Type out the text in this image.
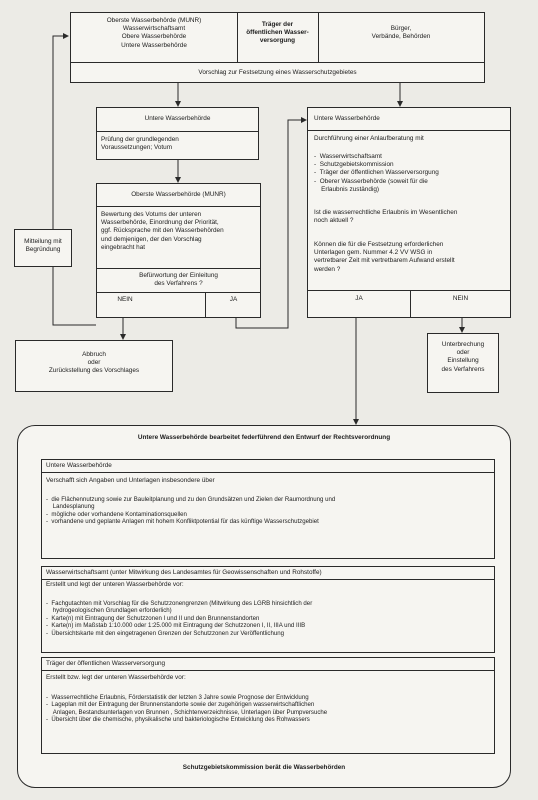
Oberste Wasserbehörde (MUNR)
Wasserwirtschaftsamt
Obere Wasserbehörde
Untere Wasserbehörde
Träger der
öffentlichen Wasser-
versorgung
Bürger,
Verbände, Behörden
Vorschlag zur Festsetzung eines Wasserschutzgebietes
Untere Wasserbehörde
Prüfung der grundlegenden
Voraussetzungen; Votum
Oberste Wasserbehörde (MUNR)
Bewertung des Votums der unteren
Wasserbehörde, Einordnung der Priorität,
ggf. Rücksprache mit den Wasserbehörden
und demjenigen, der den Vorschlag
eingebracht hat
Befürwortung der Einleitung
des Verfahrens ?
NEIN	JA
Mitteilung mit
Begründung
Abbruch
oder
Zurückstellung des Vorschlages
Untere Wasserbehörde
Durchführung einer Anlaufberatung mit
-  Wasserwirtschaftsamt
-  Schutzgebietskommission
-  Träger der öffentlichen Wasserversorgung
-  Oberer Wasserbehörde (soweit für die
Erlaubnis zuständig)
Ist die wasserrechtliche Erlaubnis im Wesentlichen
noch aktuell ?
Können die für die Festsetzung erforderlichen
Unterlagen gem. Nummer 4.2 VV WSG in
vertretbarer Zeit mit vertretbarem Aufwand erstellt
werden ?
JA	NEIN
Unterbrechung
oder
Einstellung
des Verfahrens
Untere Wasserbehörde bearbeitet federführend den Entwurf der Rechtsverordnung
Untere Wasserbehörde
Verschafft sich Angaben und Unterlagen insbesondere über
-  die Flächennutzung sowie zur Bauleitplanung und zu den Grundsätzen und Zielen der Raumordnung und
Landesplanung
-  mögliche oder vorhandene Kontaminationsquellen
-  vorhandene und geplante Anlagen mit hohem Konfliktpotential für das künftige Wasserschutzgebiet
Wasserwirtschaftsamt (unter Mitwirkung des Landesamtes für Geowissenschaften und Rohstoffe)
Erstellt und legt der unteren Wasserbehörde vor:
-  Fachgutachten mit Vorschlag für die Schutzzonengrenzen (Mitwirkung des LGRB hinsichtlich der
hydrogeologischen Grundlagen erforderlich)
-  Karte(n) mit Eintragung der Schutzzonen I und II und den Brunnenstandorten
-  Karte(n) im Maßstab 1:10.000 oder 1:25.000 mit Eintragung der Schutzzonen I, II, IIIA und IIIB
-  Übersichtskarte mit den eingetragenen Grenzen der Schutzzonen zur Veröffentlichung
Träger der öffentlichen Wasserversorgung
Erstellt bzw. legt der unteren Wasserbehörde vor:
-  Wasserrechtliche Erlaubnis, Förderstatistik der letzten 3 Jahre sowie Prognose der Entwicklung
-  Lageplan mit der Eintragung der Brunnenstandorte sowie der zugehörigen wasserwirtschaftlichen
Anlagen, Bestandsunterlagen von Brunnen , Schichtenverzeichnisse, Unterlagen über Pumpversuche
-  Übersicht über die chemische, physikalische und bakteriologische Entwicklung des Rohwassers
Schutzgebietskommission berät die Wasserbehörden
